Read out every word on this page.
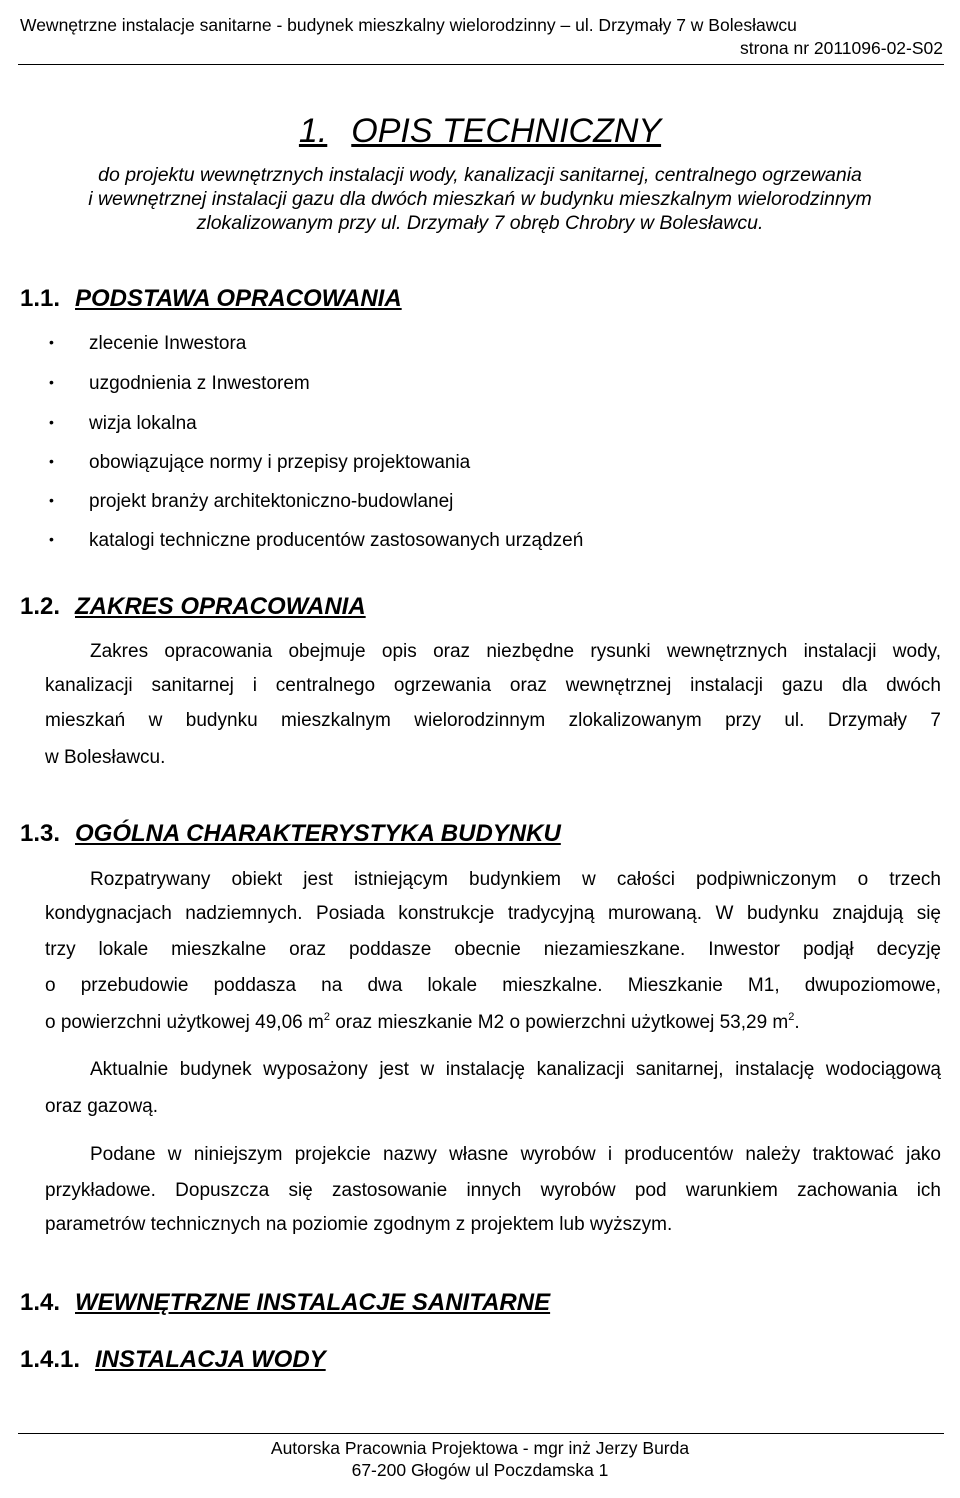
Wewnętrzne instalacje sanitarne - budynek mieszkalny wielorodzinny – ul. Drzymały 7 w Bolesławcu
strona nr 2011096-02-S02
1. OPIS TECHNICZNY
do projektu wewnętrznych instalacji wody, kanalizacji sanitarnej, centralnego ogrzewania
i wewnętrznej instalacji gazu dla dwóch mieszkań w budynku mieszkalnym wielorodzinnym
zlokalizowanym przy ul. Drzymały 7 obręb Chrobry w Bolesławcu.
1.1. PODSTAWA OPRACOWANIA
• zlecenie Inwestora
• uzgodnienia z Inwestorem
• wizja lokalna
• obowiązujące normy i przepisy projektowania
• projekt branży architektoniczno-budowlanej
• katalogi techniczne producentów zastosowanych urządzeń
1.2. ZAKRES OPRACOWANIA
Zakres opracowania obejmuje opis oraz niezbędne rysunki wewnętrznych instalacji wody,
kanalizacji sanitarnej i centralnego ogrzewania oraz wewnętrznej instalacji gazu dla dwóch
mieszkań w budynku mieszkalnym wielorodzinnym zlokalizowanym przy ul. Drzymały 7
w Bolesławcu.
1.3. OGÓLNA CHARAKTERYSTYKA BUDYNKU
Rozpatrywany obiekt jest istniejącym budynkiem w całości podpiwniczonym o trzech
kondygnacjach nadziemnych. Posiada konstrukcje tradycyjną murowaną. W budynku znajdują się
trzy lokale mieszkalne oraz poddasze obecnie niezamieszkane. Inwestor podjął decyzję
o przebudowie poddasza na dwa lokale mieszkalne. Mieszkanie M1, dwupoziomowe,
o powierzchni użytkowej 49,06 $m^2$ oraz mieszkanie M2 o powierzchni użytkowej 53,29 $m^2$.
Aktualnie budynek wyposażony jest w instalację kanalizacji sanitarnej, instalację wodociągową
oraz gazową.
Podane w niniejszym projekcie nazwy własne wyrobów i producentów należy traktować jako
przykładowe. Dopuszcza się zastosowanie innych wyrobów pod warunkiem zachowania ich
parametrów technicznych na poziomie zgodnym z projektem lub wyższym.
1.4. WEWNĘTRZNE INSTALACJE SANITARNE
1.4.1. INSTALACJA WODY
Autorska Pracownia Projektowa - mgr inż Jerzy Burda
67-200 Głogów ul Poczdamska 1
